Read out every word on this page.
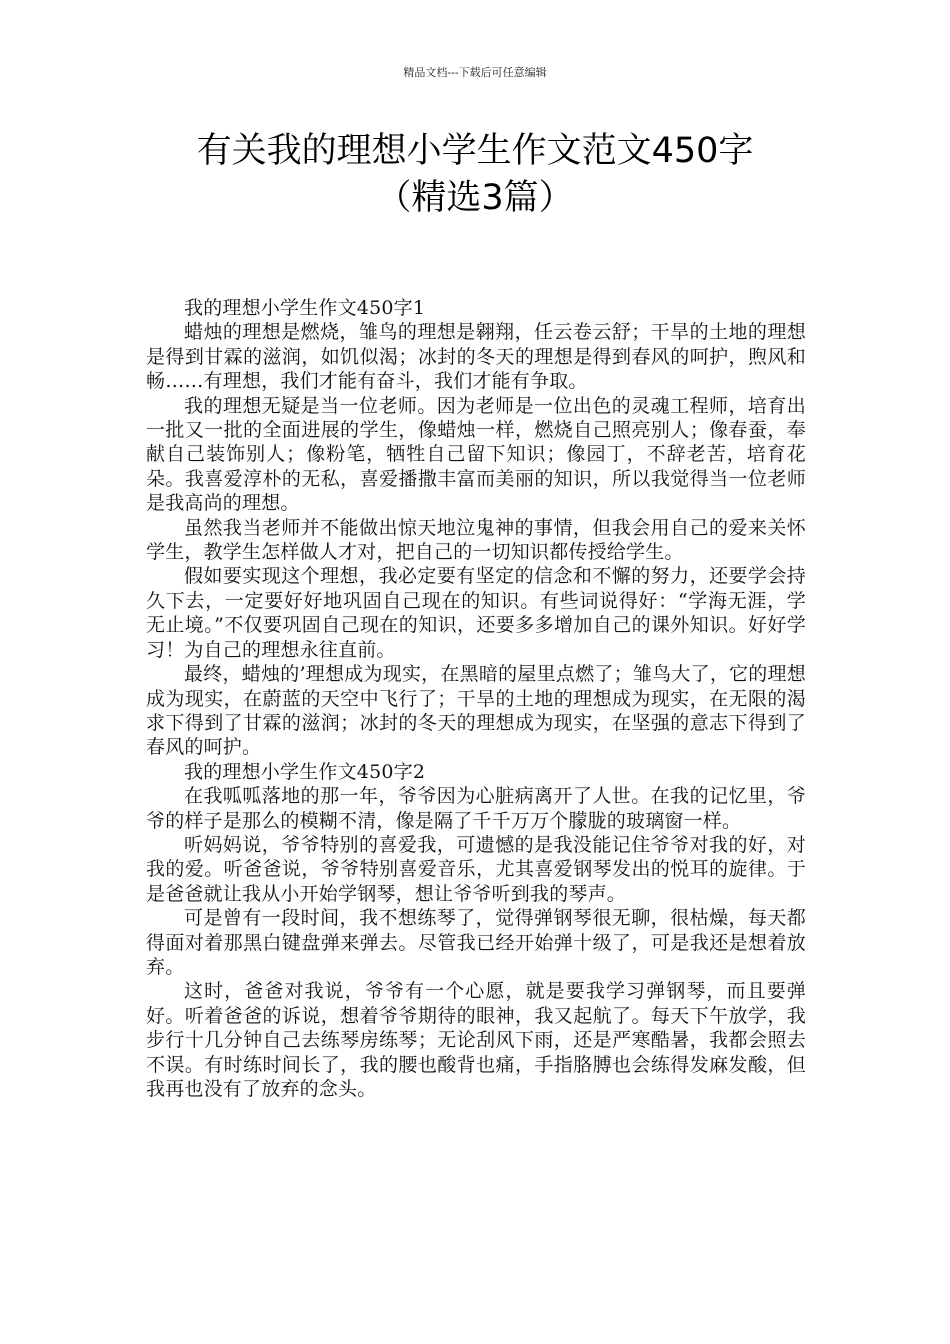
精品文档---下载后可任意编辑
有关我的理想小学生作文范文450字
（精选3篇）

我的理想小学生作文450字1

蜡烛的理想是燃烧，雏鸟的理想是翱翔，任云卷云舒；干旱的土地的理想是得到甘霖的滋润，如饥似渴；冰封的冬天的理想是得到春风的呵护，煦风和畅……有理想，我们才能有奋斗，我们才能有争取。

我的理想无疑是当一位老师。因为老师是一位出色的灵魂工程师，培育出一批又一批的全面进展的学生，像蜡烛一样，燃烧自己照亮别人；像春蚕，奉献自己装饰别人；像粉笔，牺牲自己留下知识；像园丁，不辞老苦，培育花朵。我喜爱淳朴的无私，喜爱播撒丰富而美丽的知识，所以我觉得当一位老师是我高尚的理想。

虽然我当老师并不能做出惊天地泣鬼神的事情，但我会用自己的爱来关怀学生，教学生怎样做人才对，把自己的一切知识都传授给学生。

假如要实现这个理想，我必定要有坚定的信念和不懈的努力，还要学会持久下去，一定要好好地巩固自己现在的知识。有些词说得好：“学海无涯，学无止境。”不仅要巩固自己现在的知识，还要多多增加自己的课外知识。好好学习！为自己的理想永往直前。

最终，蜡烛的’理想成为现实，在黑暗的屋里点燃了；雏鸟大了，它的理想成为现实，在蔚蓝的天空中飞行了；干旱的土地的理想成为现实，在无限的渴求下得到了甘霖的滋润；冰封的冬天的理想成为现实，在坚强的意志下得到了春风的呵护。

我的理想小学生作文450字2

在我呱呱落地的那一年，爷爷因为心脏病离开了人世。在我的记忆里，爷爷的样子是那么的模糊不清，像是隔了千千万万个朦胧的玻璃窗一样。

听妈妈说，爷爷特别的喜爱我，可遗憾的是我没能记住爷爷对我的好，对我的爱。听爸爸说，爷爷特别喜爱音乐，尤其喜爱钢琴发出的悦耳的旋律。于是爸爸就让我从小开始学钢琴，想让爷爷听到我的琴声。

可是曾有一段时间，我不想练琴了，觉得弹钢琴很无聊，很枯燥，每天都得面对着那黑白键盘弹来弹去。尽管我已经开始弹十级了，可是我还是想着放弃。

这时，爸爸对我说，爷爷有一个心愿，就是要我学习弹钢琴，而且要弹好。听着爸爸的诉说，想着爷爷期待的眼神，我又起航了。每天下午放学，我步行十几分钟自己去练琴房练琴；无论刮风下雨，还是严寒酷暑，我都会照去不误。有时练时间长了，我的腰也酸背也痛，手指胳膊也会练得发麻发酸，但我再也没有了放弃的念头。
